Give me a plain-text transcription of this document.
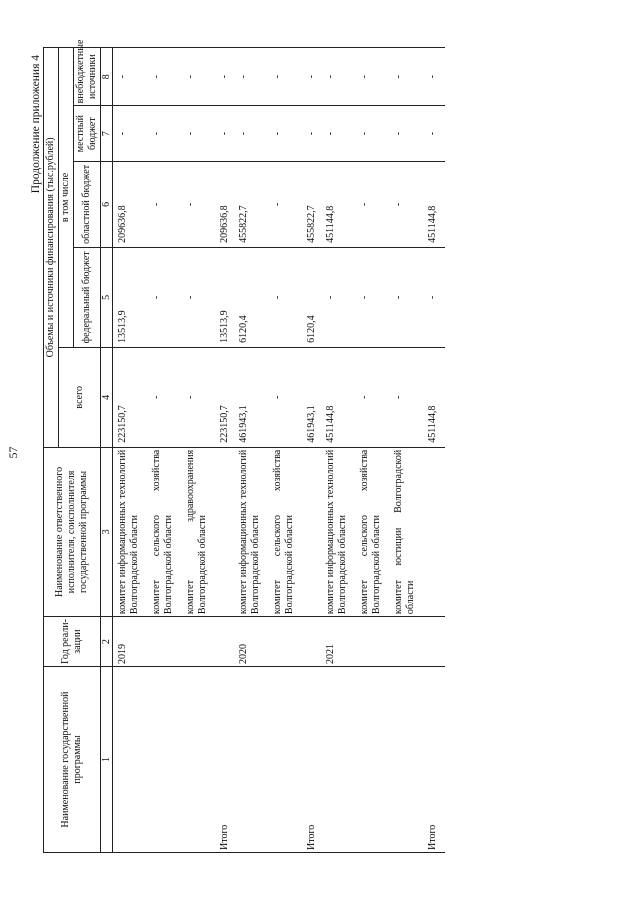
57
Продолжение приложения 4
Наименование государственной программы	Год реали-зации	Наименование ответственного исполнителя, соисполнителя государственной программы	Объемы и источники финансирования (тыс.рублей)				
			всего	в том числе			
				федеральный бюджет	областной бюджет	местный бюджет	внебюджетные источники
1	2	3	4	5	6	7	8
	2019	комитет информационных технологий Волгоградской области	223150,7	13513,9	209636,8	-	-

		комитет сельского хозяйства Волгоградской области	-	-	-	-	-

		комитет здравоохранения Волгоградской области	-	-	-	-	-

Итого			223150,7	13513,9	209636,8	-	-
	2020	комитет информационных технологий Волгоградской области	461943,1	6120,4	455822,7	-	-

		комитет сельского хозяйства Волгоградской области	-	-	-	-	-

Итого			461943,1	6120,4	455822,7	-	-
	2021	комитет информационных технологий Волгоградской области	451144,8	-	451144,8	-	-

		комитет сельского хозяйства Волгоградской области	-	-	-	-	-

		комитет юстиции Волгоградской области	-	-	-	-	-

Итого			451144,8	-	451144,8	-	-
